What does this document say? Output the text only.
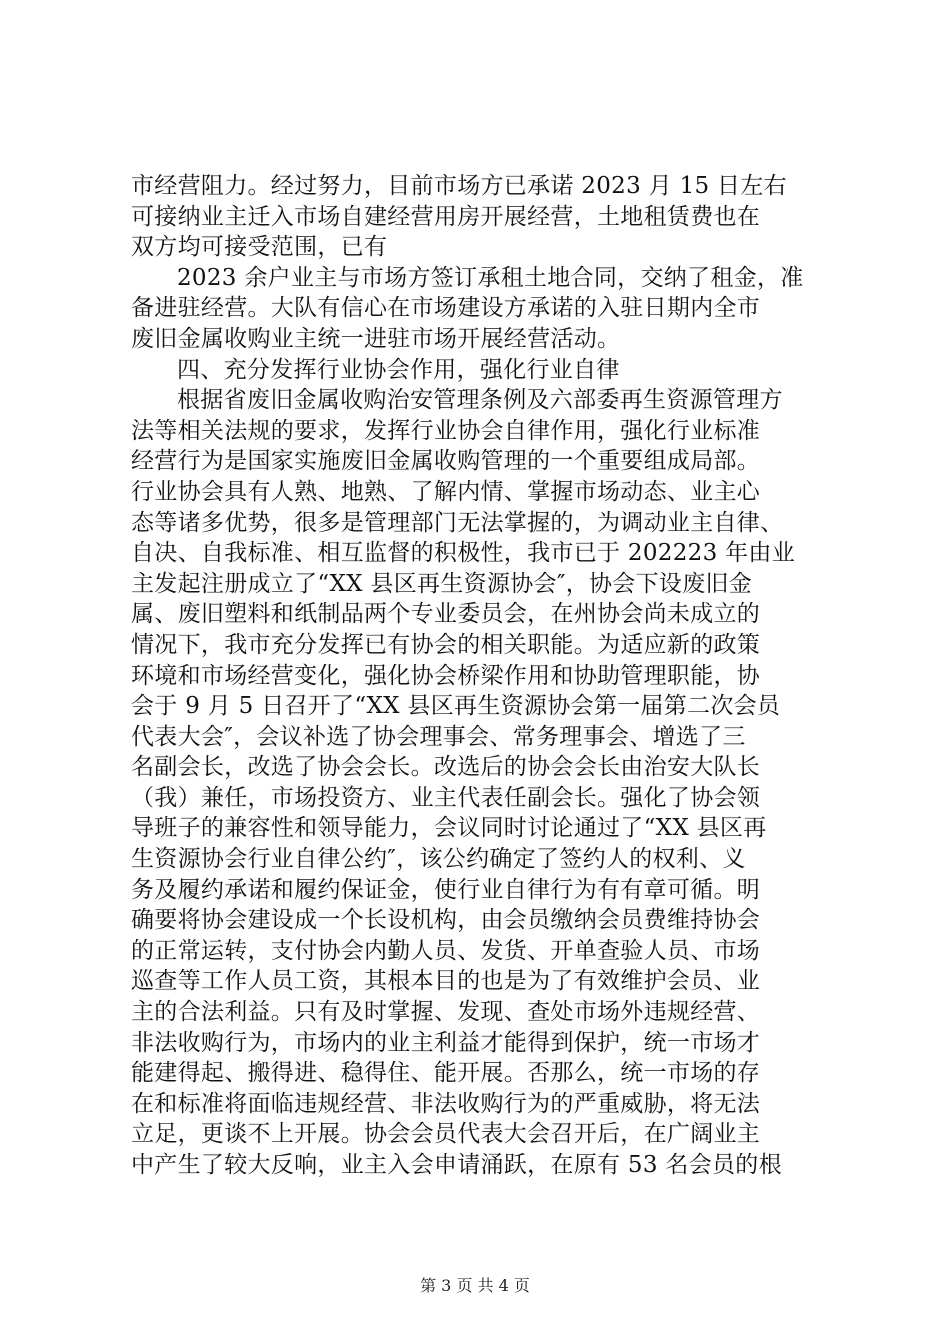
市经营阻力。经过努力，目前市场方已承诺 2023 月 15 日左右
可接纳业主迁入市场自建经营用房开展经营，土地租赁费也在
双方均可接受范围，已有
2023 余户业主与市场方签订承租土地合同，交纳了租金，准
备进驻经营。大队有信心在市场建设方承诺的入驻日期内全市
废旧金属收购业主统一进驻市场开展经营活动。
四、充分发挥行业协会作用，强化行业自律
根据省废旧金属收购治安管理条例及六部委再生资源管理方
法等相关法规的要求，发挥行业协会自律作用，强化行业标准
经营行为是国家实施废旧金属收购管理的一个重要组成局部。
行业协会具有人熟、地熟、了解内情、掌握市场动态、业主心
态等诸多优势，很多是管理部门无法掌握的，为调动业主自律、
自决、自我标准、相互监督的积极性，我市已于 202223 年由业
主发起注册成立了“XX 县区再生资源协会″，协会下设废旧金
属、废旧塑料和纸制品两个专业委员会，在州协会尚未成立的
情况下，我市充分发挥已有协会的相关职能。为适应新的政策
环境和市场经营变化，强化协会桥梁作用和协助管理职能，协
会于 9 月 5 日召开了“XX 县区再生资源协会第一届第二次会员
代表大会″，会议补选了协会理事会、常务理事会、增选了三
名副会长，改选了协会会长。改选后的协会会长由治安大队长
（我）兼任，市场投资方、业主代表任副会长。强化了协会领
导班子的兼容性和领导能力，会议同时讨论通过了“XX 县区再
生资源协会行业自律公约″，该公约确定了签约人的权利、义
务及履约承诺和履约保证金，使行业自律行为有有章可循。明
确要将协会建设成一个长设机构，由会员缴纳会员费维持协会
的正常运转，支付协会内勤人员、发货、开单查验人员、市场
巡查等工作人员工资，其根本目的也是为了有效维护会员、业
主的合法利益。只有及时掌握、发现、查处市场外违规经营、
非法收购行为，市场内的业主利益才能得到保护，统一市场才
能建得起、搬得进、稳得住、能开展。否那么，统一市场的存
在和标准将面临违规经营、非法收购行为的严重威胁，将无法
立足，更谈不上开展。协会会员代表大会召开后，在广阔业主
中产生了较大反响，业主入会申请涌跃，在原有 53 名会员的根
第 3 页 共 4 页
